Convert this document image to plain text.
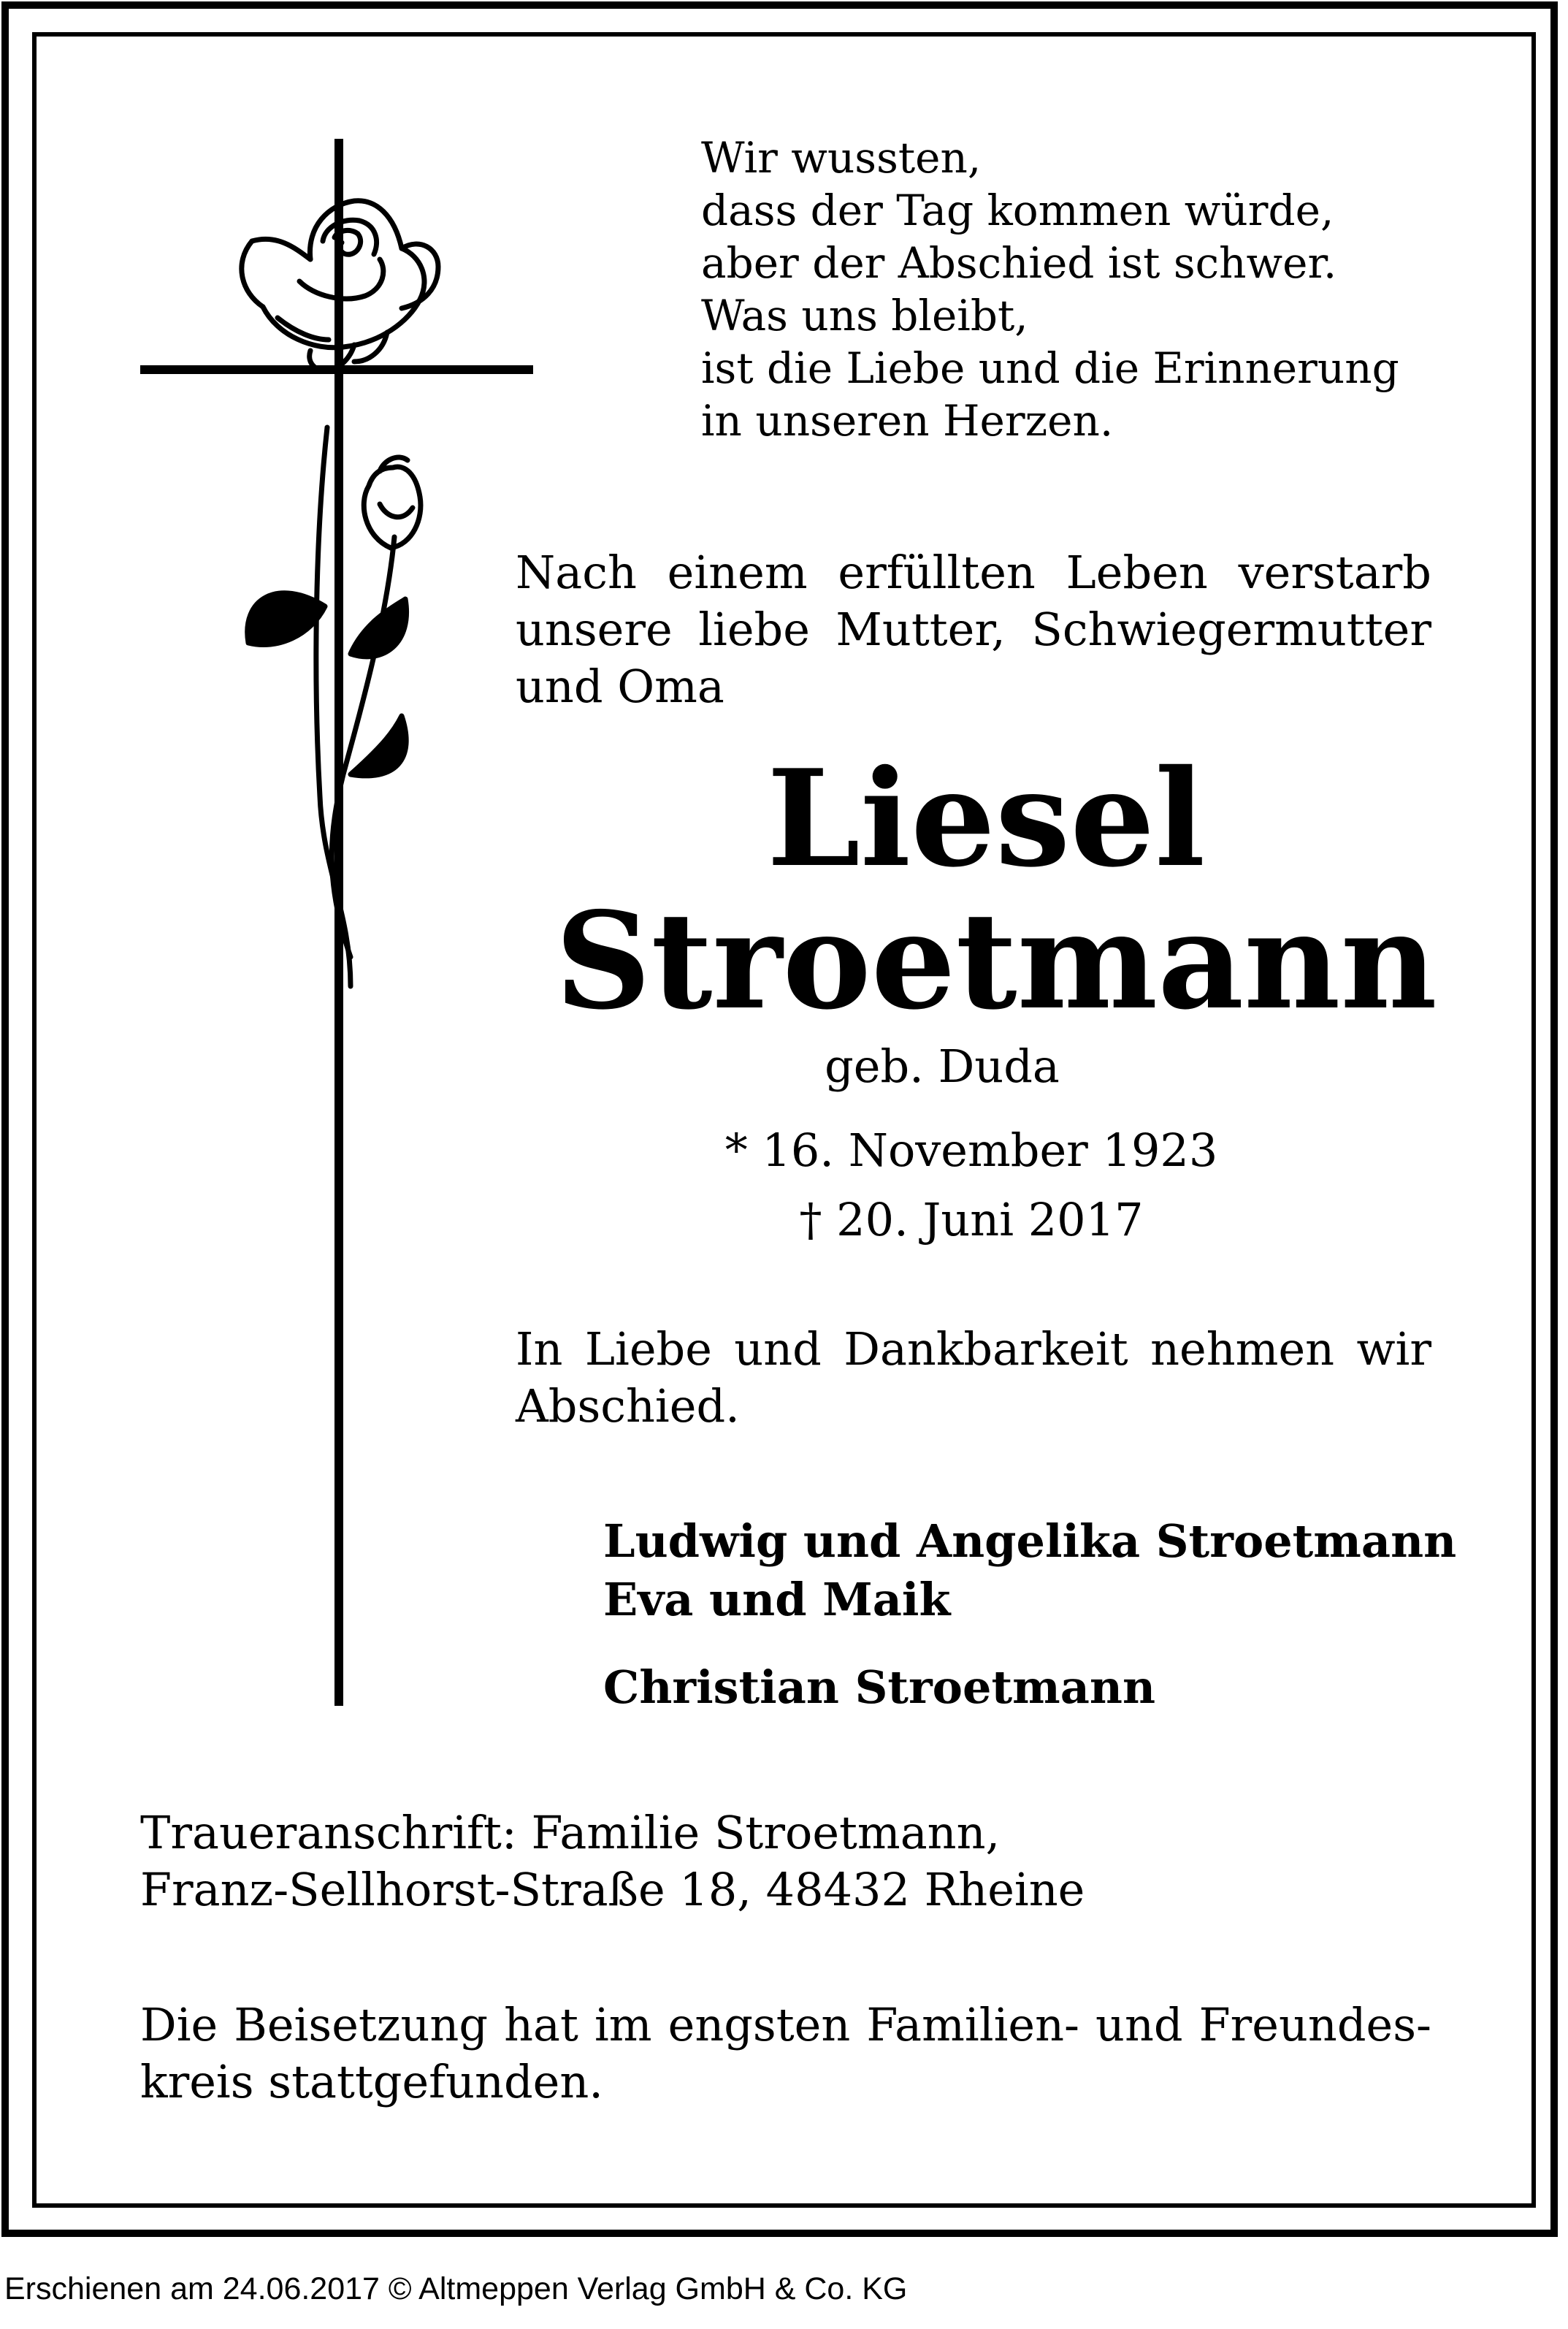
Wir wussten,
dass der Tag kommen würde,
aber der Abschied ist schwer.
Was uns bleibt,
ist die Liebe und die Erinnerung
in unseren Herzen.
Nach einem erfüllten Leben verstarb
unsere liebe Mutter, Schwiegermutter
und Oma
Liesel
Stroetmann
geb. Duda
* 16. November 1923
† 20. Juni 2017
In Liebe und Dankbarkeit nehmen wir
Abschied.
Ludwig und Angelika Stroetmann
Eva und Maik
Christian Stroetmann
Traueranschrift: Familie Stroetmann,
Franz-Sellhorst-Straße 18, 48432 Rheine
Die Beisetzung hat im engsten Familien- und Freundes-
kreis stattgefunden.
Erschienen am 24.06.2017 © Altmeppen Verlag GmbH & Co. KG
